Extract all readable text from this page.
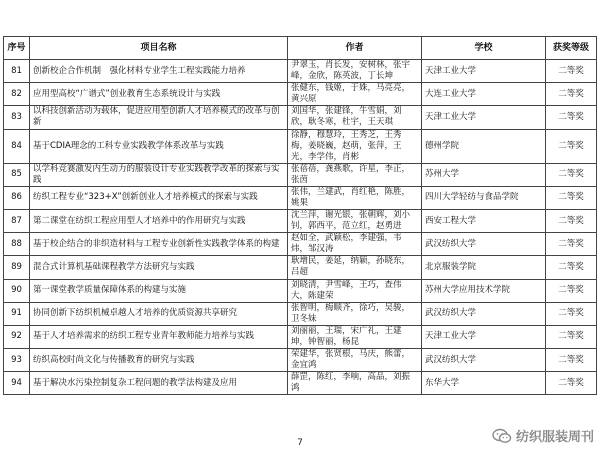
序号	项目名称	作者	学校	获奖等级
81	创新校企合作机制　强化材料专业学生工程实践能力培养	尹翠玉，肖长发，安树林，张宇峰，金欣，陈英波，丁长坤	天津工业大学	二等奖
82	应用型高校“广谱式”创业教育生态系统设计与实践	张健东，钱姬，于姝，马亮亮，黄兴原	大连工业大学	二等奖
83	以科技创新活动为载体，促进应用型创新人才培养模式的改革与创新	刘国华，张建锋，牛雪娟，刘欣，耿冬寒，杜宇，王天琪	天津工业大学	二等奖
84	基于CDIA理念的工科专业实践教学体系改革与实践	徐静，穆慧玲，王秀芝，王秀梅，姜晓巍，赵萌，张萍，王光，李学伟，肖彬	德州学院	二等奖
85	以学科竞赛激发内生动力的服装设计专业实践教学改革的探索与实践	张蓓蓓，龚燕歌，许星，李正，张茵	苏州大学	二等奖
86	纺织工程专业“323+X”创新创业人才培养模式的探索与实践	张伟，兰建武，肖红艳，陈胜，姚果	四川大学轻纺与食品学院	二等奖
87	第二课堂在纺织工程应用型人才培养中的作用研究与实践	沈兰萍，谢光银，张朝辉，刘小钊，郭西平，范立红，赵勇进	西安工程大学	二等奖
88	基于校企结合的非织造材料与工程专业创新性实践教学体系的构建	赵如全，武颖松，李建强，韦炜，邹汉涛	武汉纺织大学	二等奖
89	混合式计算机基础课程教学方法研究与实践	耿增民，姜延，纳颖，孙晓东，吕超	北京服装学院	二等奖
90	第一课堂教学质量保障体系的构建与实施	刘晓清，尹雪峰，王巧，查伟大，陈建荣	苏州大学应用技术学院	二等奖
91	协同创新下纺织机械卓越人才培养的优质资源共享研究	张智明，梅顺齐，徐巧，吴骏，卫冬妹	武汉纺织大学	二等奖
92	基于人才培养需求的纺织工程专业青年教师能力培养与实践	刘丽丽，王瑞，宋广礼，王建坤，钟智丽，杨昆	天津工业大学	二等奖
93	纺织高校时尚文化与传播教育的研究与实践	荣建华，张贤根，马庆，熊蕾，金宜鸿	武汉纺织大学	二等奖
94	基于解决水污染控制复杂工程问题的教学法构建及应用	薛罡，陈红，李响，高品，刘振鸿	东华大学	二等奖
7	纺织服装周刊
